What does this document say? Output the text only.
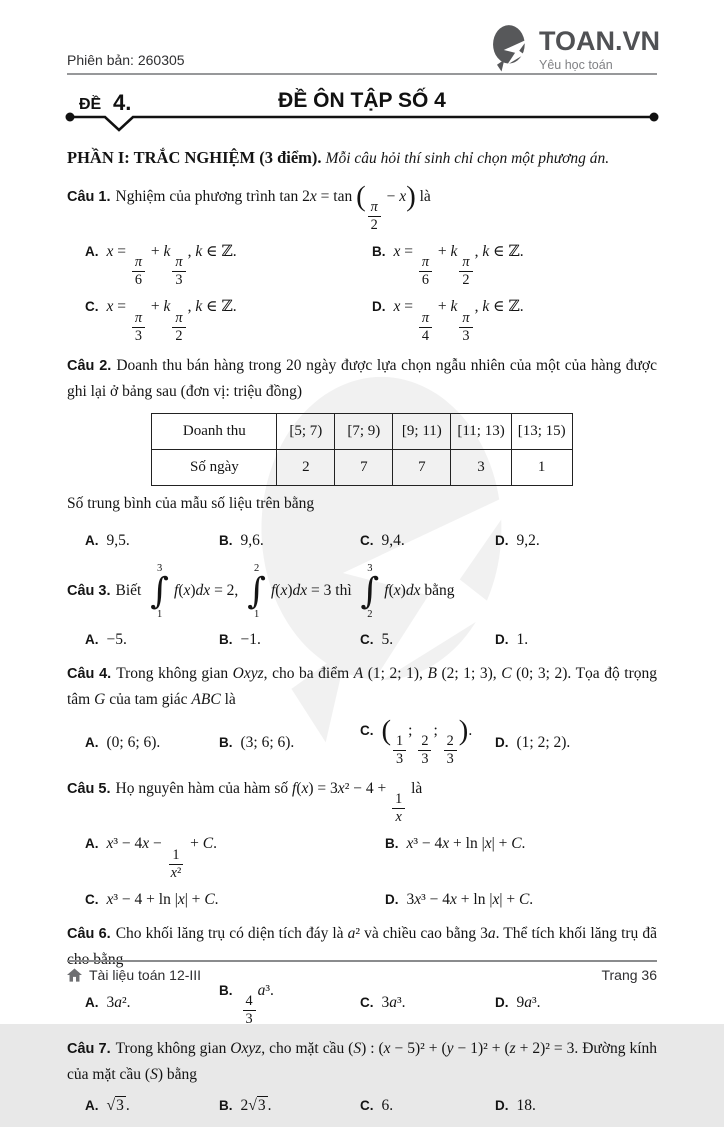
Phiên bản: 260305
TOAN.VN
Yêu học toán
ĐỀ 4.	ĐỀ ÔN TẬP SỐ 4

PHẦN I: TRẮC NGHIỆM (3 điểm). Mỗi câu hỏi thí sinh chỉ chọn một phương án.

Câu 1. Nghiệm của phương trình tan 2x = tan (
$\frac{\pi}{2}$
− x) là

A. x =
$\frac{\pi}{6}$
+ k
$\frac{\pi}{3}$
, k ∈ ℤ.	B. x =
$\frac{\pi}{6}$
+ k
$\frac{\pi}{2}$
, k ∈ ℤ.
C. x =
$\frac{\pi}{3}$
+ k
$\frac{\pi}{2}$
, k ∈ ℤ.	D. x =
$\frac{\pi}{4}$
+ k
$\frac{\pi}{3}$
, k ∈ ℤ.

Câu 2. Doanh thu bán hàng trong 20 ngày được lựa chọn ngẫu nhiên của một của hàng được ghi lại ở bảng sau (đơn vị: triệu đồng)

Doanh thu	[5; 7)	[7; 9)	[9; 11)	[11; 13)	[13; 15)
Số ngày	2	7	7	3	1

Số trung bình của mẫu số liệu trên bằng

A. 9,5.	B. 9,6.	C. 9,4.	D. 9,2.

Câu 3. Biết
3
∫
1
f(x)dx = 2,
2
∫
1
f(x)dx = 3 thì
3
∫
2
f(x)dx bằng

A. −5.	B. −1.	C. 5.	D. 1.

Câu 4. Trong không gian Oxyz, cho ba điểm A (1; 2; 1), B (2; 1; 3), C (0; 3; 2). Tọa độ trọng tâm G của tam giác ABC là

A. (0; 6; 6).	B. (3; 6; 6).
C. (
$\frac{1}{3}$
;
$\frac{2}{3}$
;
$\frac{2}{3}$
).
D. (1; 2; 2).

Câu 5. Họ nguyên hàm của hàm số f(x) = 3x² − 4 +
$\frac{1}{x}$
là

A. x³ − 4x −
$\frac{1}{\text{x²}}$
+ C.	B. x³ − 4x + ln |x| + C.
C. x³ − 4 + ln |x| + C.	D. 3x³ − 4x + ln |x| + C.

Câu 6. Cho khối lăng trụ có diện tích đáy là a² và chiều cao bằng 3a. Thể tích khối lăng trụ đã cho bằng

A. 3a².
B.
$\frac{4}{3}$
a³.
C. 3a³.	D. 9a³.

Câu 7. Trong không gian Oxyz, cho mặt cầu (S) : (x − 5)² + (y − 1)² + (z + 2)² = 3. Đường kính của mặt cầu (S) bằng

A. √3 .	B. 2√3 .	C. 6.	D. 18.
Tài liệu toán 12-III	Trang 36
